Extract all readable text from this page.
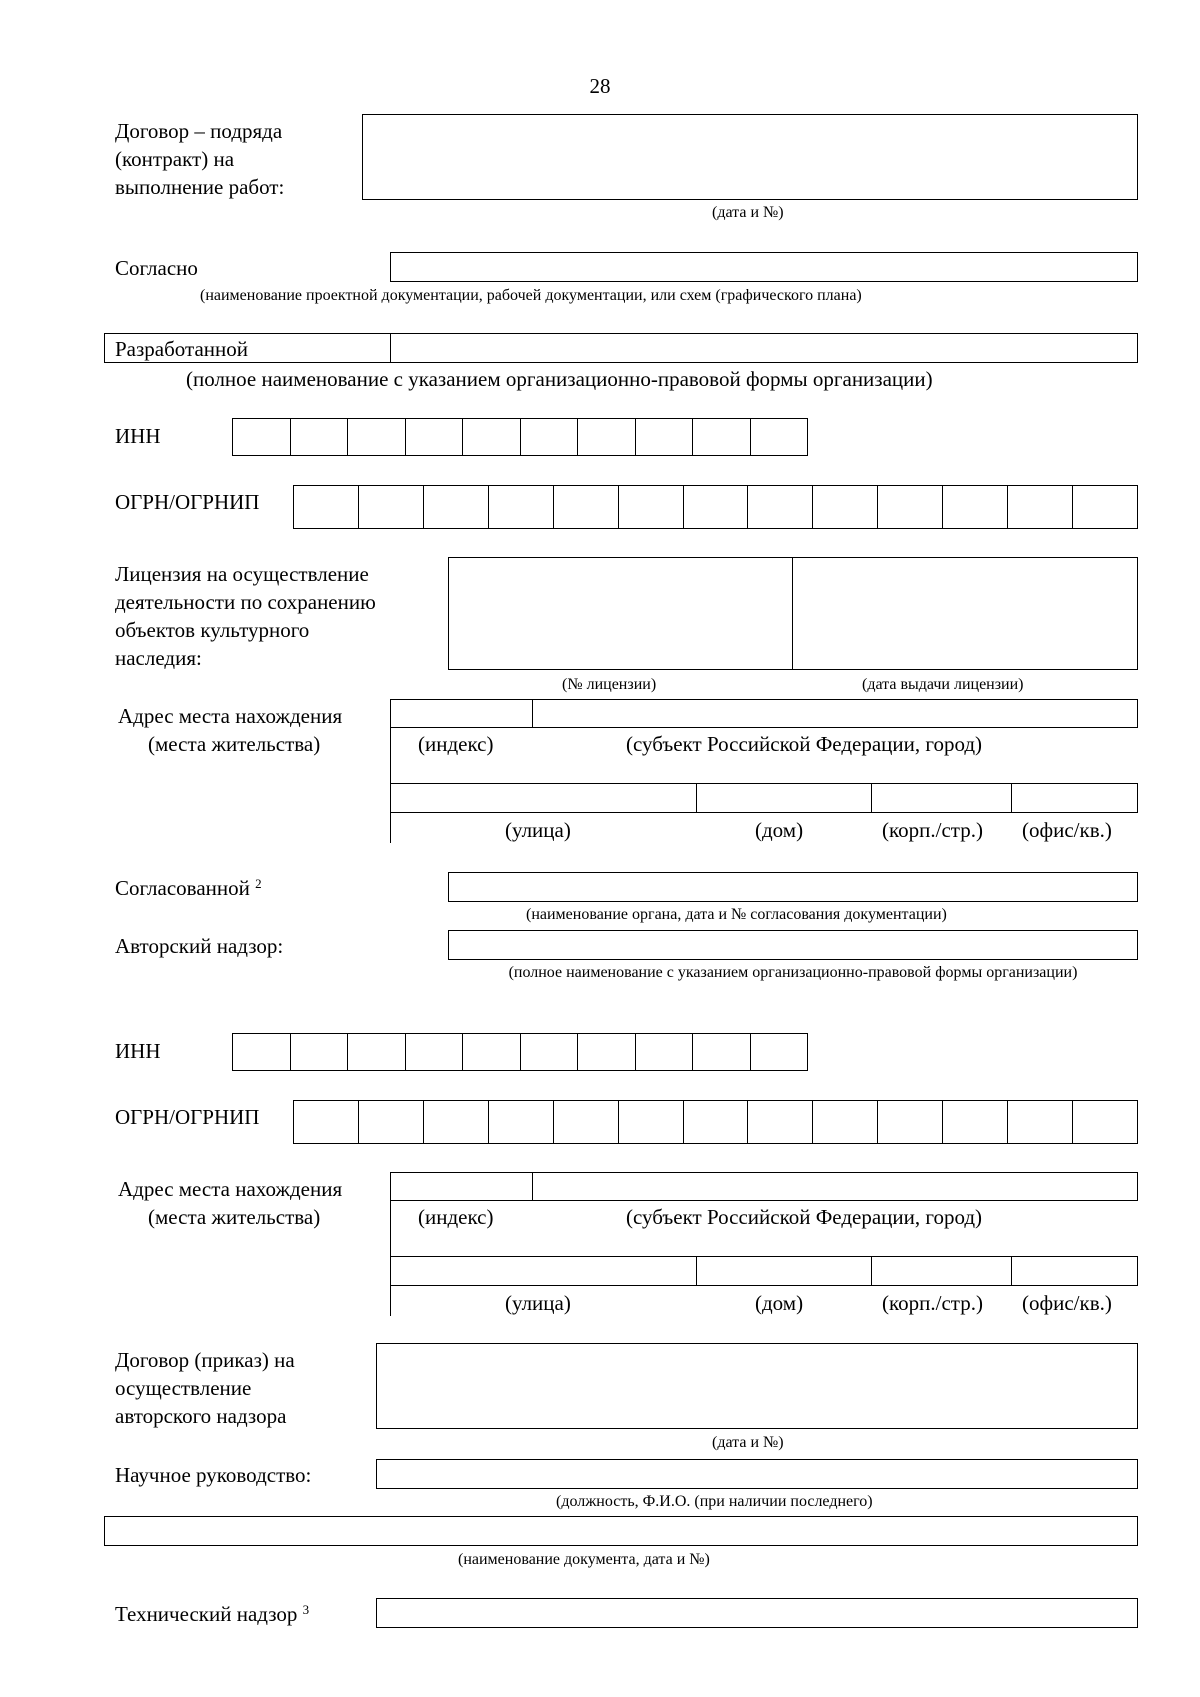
28
Договор – подряда
(контракт) на
выполнение работ:
(дата и №)
Согласно
(наименование проектной документации, рабочей документации, или схем (графического плана)
Разработанной
(полное наименование с указанием организационно-правовой формы организации)
ИНН
ОГРН/ОГРНИП
Лицензия на осуществление
деятельности по сохранению
объектов культурного
наследия:
(№ лицензии)	(дата выдачи лицензии)
Адрес места нахождения
(места жительства)	(индекс)	(субъект Российской Федерации, город)
(улица)	(дом)	(корп./стр.) (офис/кв.)
Согласованной $^2$
(наименование органа, дата и № согласования документации)
Авторский надзор:
(полное наименование с указанием организационно-правовой формы организации)
ИНН
ОГРН/ОГРНИП
Адрес места нахождения
(места жительства)	(индекс)	(субъект Российской Федерации, город)
(улица)	(дом)	(корп./стр.) (офис/кв.)
Договор (приказ) на
осуществление
авторского надзора
(дата и №)
Научное руководство:
(должность, Ф.И.О. (при наличии последнего)
(наименование документа, дата и №)
Технический надзор $^3$
